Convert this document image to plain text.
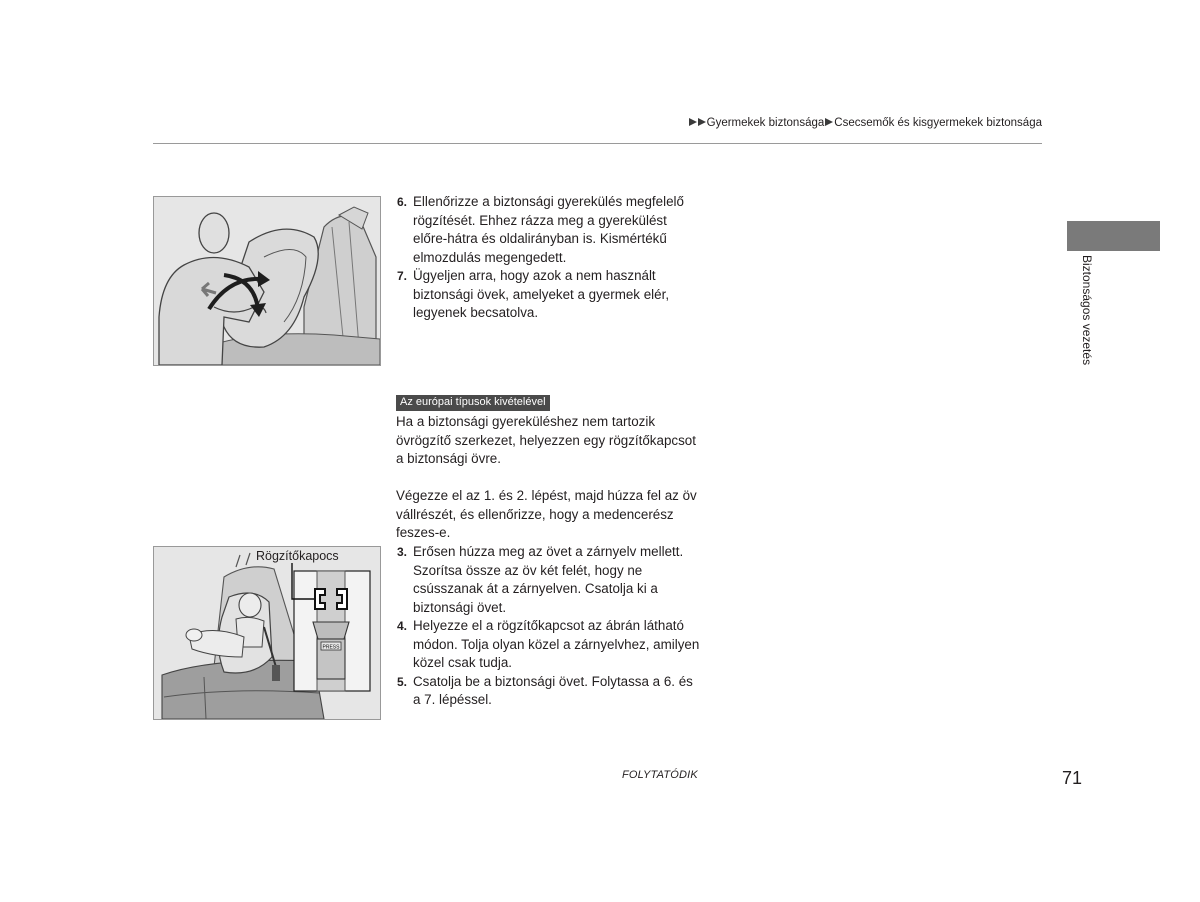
Gyermekek biztonsága Csecsemők és kisgyermekek biztonsága
Biztonságos vezetés
6. Ellenőrizze a biztonsági gyerekülés megfelelő rögzítését. Ehhez rázza meg a gyerekülést előre-hátra és oldalirányban is. Kismértékű elmozdulás megengedett.
7. Ügyeljen arra, hogy azok a nem használt biztonsági övek, amelyeket a gyermek elér, legyenek becsatolva.
Az európai típusok kivételével
Ha a biztonsági gyereküléshez nem tartozik övrögzítő szerkezet, helyezzen egy rögzítőkapcsot a biztonsági övre.
Végezze el az 1. és 2. lépést, majd húzza fel az öv vállrészét, és ellenőrizze, hogy a medencerész feszes-e.
3. Erősen húzza meg az övet a zárnyelv mellett. Szorítsa össze az öv két felét, hogy ne csússzanak át a zárnyelven. Csatolja ki a biztonsági övet.
4. Helyezze el a rögzítőkapcsot az ábrán látható módon. Tolja olyan közel a zárnyelvhez, amilyen közel csak tudja.
5. Csatolja be a biztonsági övet. Folytassa a 6. és a 7. lépéssel.
PRESS
Rögzítőkapocs
FOLYTATÓDIK	71
